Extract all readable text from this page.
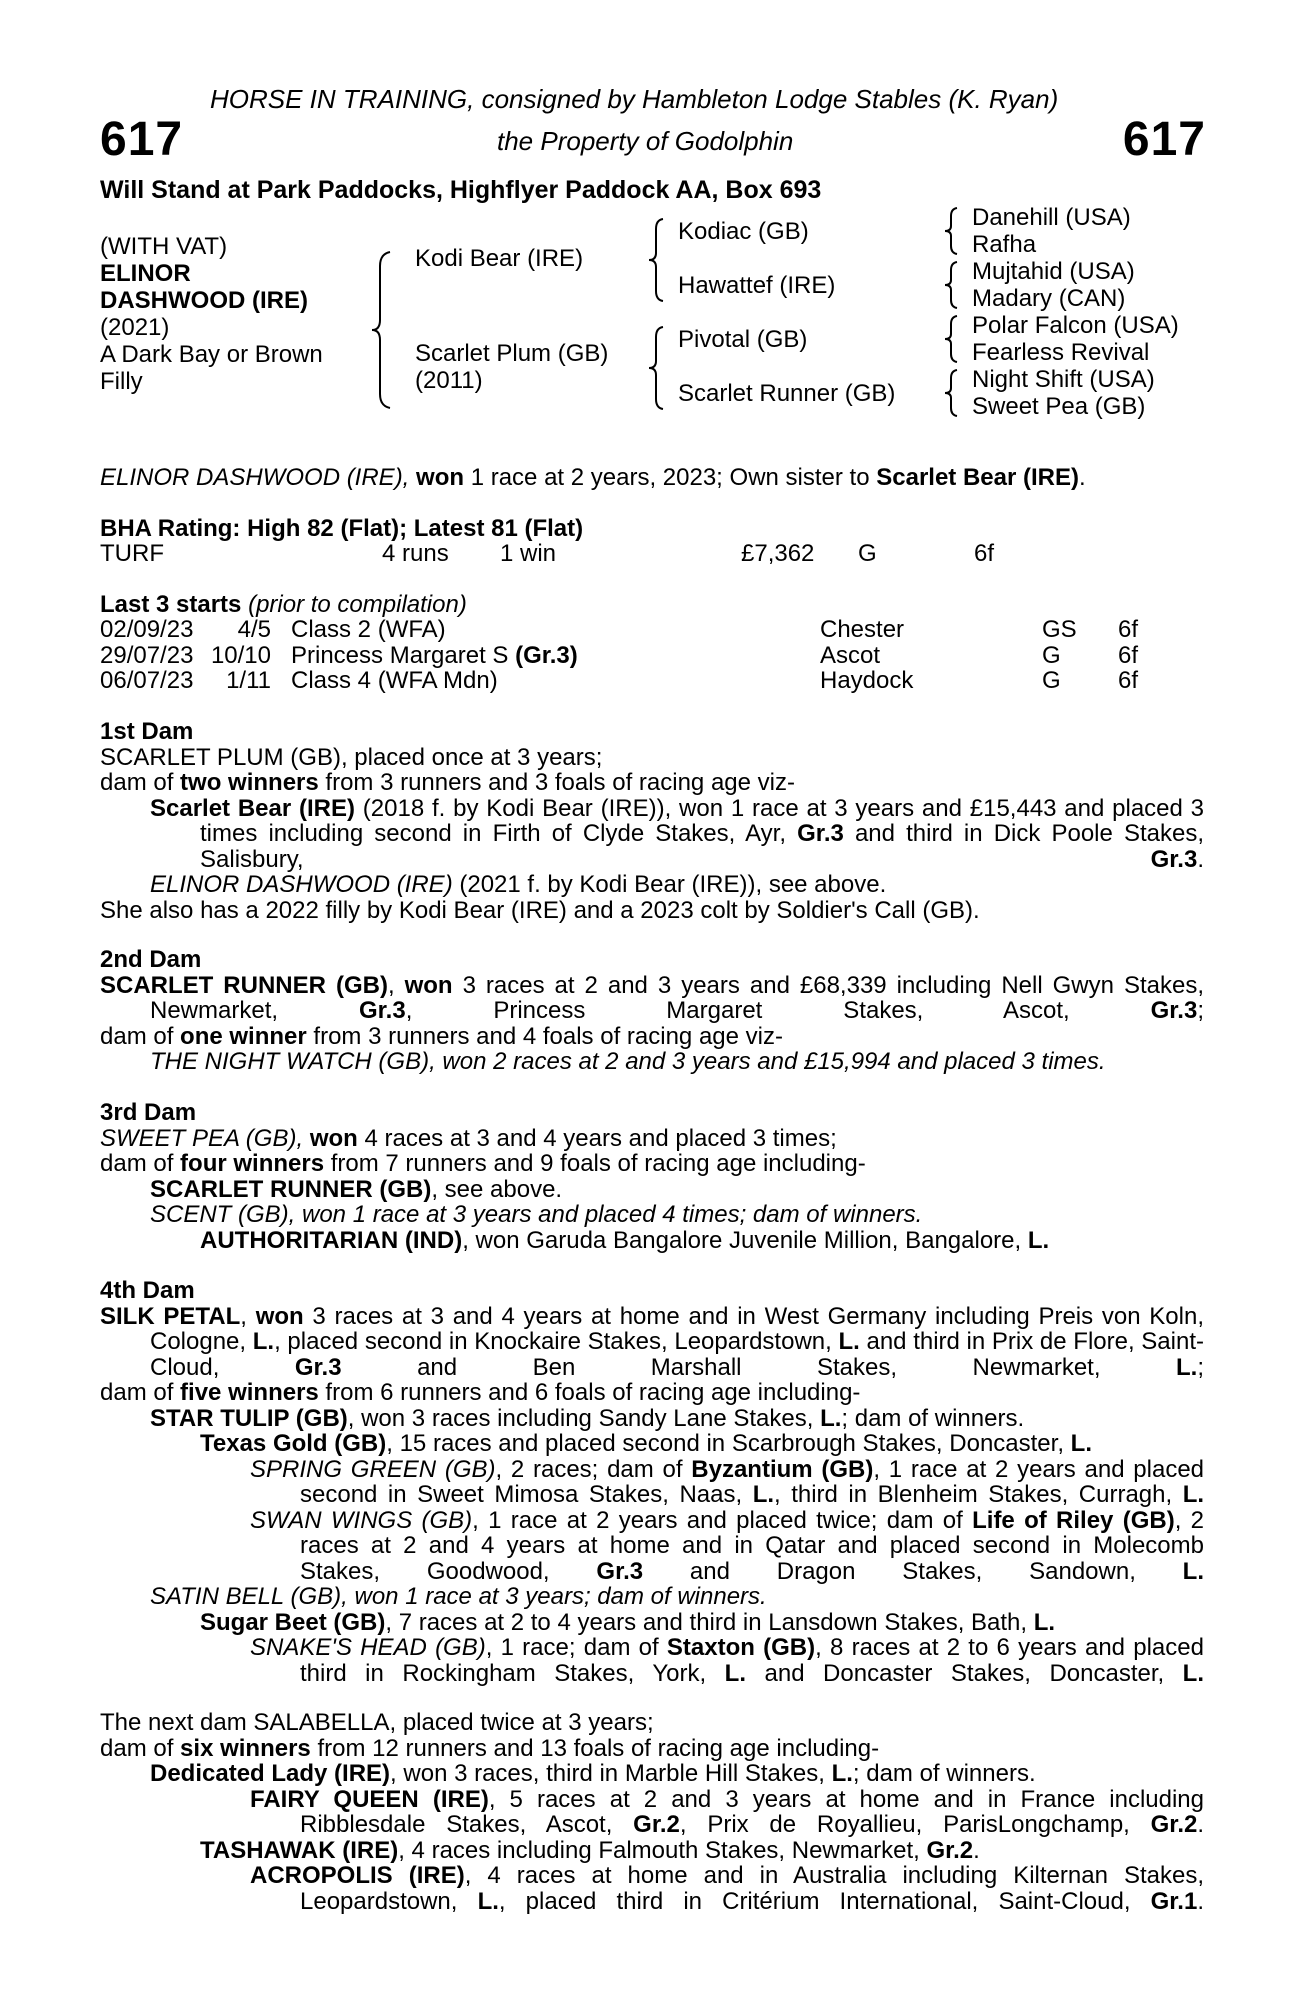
HORSE IN TRAINING, consigned by Hambleton Lodge Stables (K. Ryan)
617	the Property of Godolphin	617
Will Stand at Park Paddocks, Highflyer Paddock AA, Box 693
(WITH VAT)
ELINOR
DASHWOOD (IRE)
(2021)
A Dark Bay or Brown
Filly
Kodi Bear (IRE)
Scarlet Plum (GB)
(2011)
Kodiac (GB)
Hawattef (IRE)
Pivotal (GB)
Scarlet Runner (GB)
Danehill (USA)
Rafha
Mujtahid (USA)
Madary (CAN)
Polar Falcon (USA)
Fearless Revival
Night Shift (USA)
Sweet Pea (GB)
ELINOR DASHWOOD (IRE), won 1 race at 2 years, 2023; Own sister to Scarlet Bear (IRE).
BHA Rating: High 82 (Flat); Latest 81 (Flat)
TURF	4 runs 1 win	£7,362 G	6f
Last 3 starts (prior to compilation)
02/09/23 4/5 Class 2 (WFA)	Chester	GS 6f
29/07/23 10/10 Princess Margaret S (Gr.3)	Ascot	G 6f
06/07/23 1/11 Class 4 (WFA Mdn)	Haydock	G 6f
1st Dam
SCARLET PLUM (GB), placed once at 3 years;
dam of two winners from 3 runners and 3 foals of racing age viz-
Scarlet Bear (IRE) (2018 f. by Kodi Bear (IRE)), won 1 race at 3 years and £15,443 and placed 3 times including second in Firth of Clyde Stakes, Ayr, Gr.3 and third in Dick Poole Stakes, Salisbury, Gr.3.
ELINOR DASHWOOD (IRE) (2021 f. by Kodi Bear (IRE)), see above.
She also has a 2022 filly by Kodi Bear (IRE) and a 2023 colt by Soldier's Call (GB).
2nd Dam
SCARLET RUNNER (GB), won 3 races at 2 and 3 years and £68,339 including Nell Gwyn Stakes, Newmarket, Gr.3, Princess Margaret Stakes, Ascot, Gr.3;
dam of one winner from 3 runners and 4 foals of racing age viz-
THE NIGHT WATCH (GB), won 2 races at 2 and 3 years and £15,994 and placed 3 times.
3rd Dam
SWEET PEA (GB), won 4 races at 3 and 4 years and placed 3 times;
dam of four winners from 7 runners and 9 foals of racing age including-
SCARLET RUNNER (GB), see above.
SCENT (GB), won 1 race at 3 years and placed 4 times; dam of winners.
AUTHORITARIAN (IND), won Garuda Bangalore Juvenile Million, Bangalore, L.
4th Dam
SILK PETAL, won 3 races at 3 and 4 years at home and in West Germany including Preis von Koln, Cologne, L., placed second in Knockaire Stakes, Leopardstown, L. and third in Prix de Flore, Saint-Cloud, Gr.3 and Ben Marshall Stakes, Newmarket, L.;
dam of five winners from 6 runners and 6 foals of racing age including-
STAR TULIP (GB), won 3 races including Sandy Lane Stakes, L.; dam of winners.
Texas Gold (GB), 15 races and placed second in Scarbrough Stakes, Doncaster, L.
SPRING GREEN (GB), 2 races; dam of Byzantium (GB), 1 race at 2 years and placed second in Sweet Mimosa Stakes, Naas, L., third in Blenheim Stakes, Curragh, L.
SWAN WINGS (GB), 1 race at 2 years and placed twice; dam of Life of Riley (GB), 2 races at 2 and 4 years at home and in Qatar and placed second in Molecomb Stakes, Goodwood, Gr.3 and Dragon Stakes, Sandown, L.
SATIN BELL (GB), won 1 race at 3 years; dam of winners.
Sugar Beet (GB), 7 races at 2 to 4 years and third in Lansdown Stakes, Bath, L.
SNAKE'S HEAD (GB), 1 race; dam of Staxton (GB), 8 races at 2 to 6 years and placed third in Rockingham Stakes, York, L. and Doncaster Stakes, Doncaster, L.
The next dam SALABELLA, placed twice at 3 years;
dam of six winners from 12 runners and 13 foals of racing age including-
Dedicated Lady (IRE), won 3 races, third in Marble Hill Stakes, L.; dam of winners.
FAIRY QUEEN (IRE), 5 races at 2 and 3 years at home and in France including Ribblesdale Stakes, Ascot, Gr.2, Prix de Royallieu, ParisLongchamp, Gr.2.
TASHAWAK (IRE), 4 races including Falmouth Stakes, Newmarket, Gr.2.
ACROPOLIS (IRE), 4 races at home and in Australia including Kilternan Stakes, Leopardstown, L., placed third in Critérium International, Saint-Cloud, Gr.1.
